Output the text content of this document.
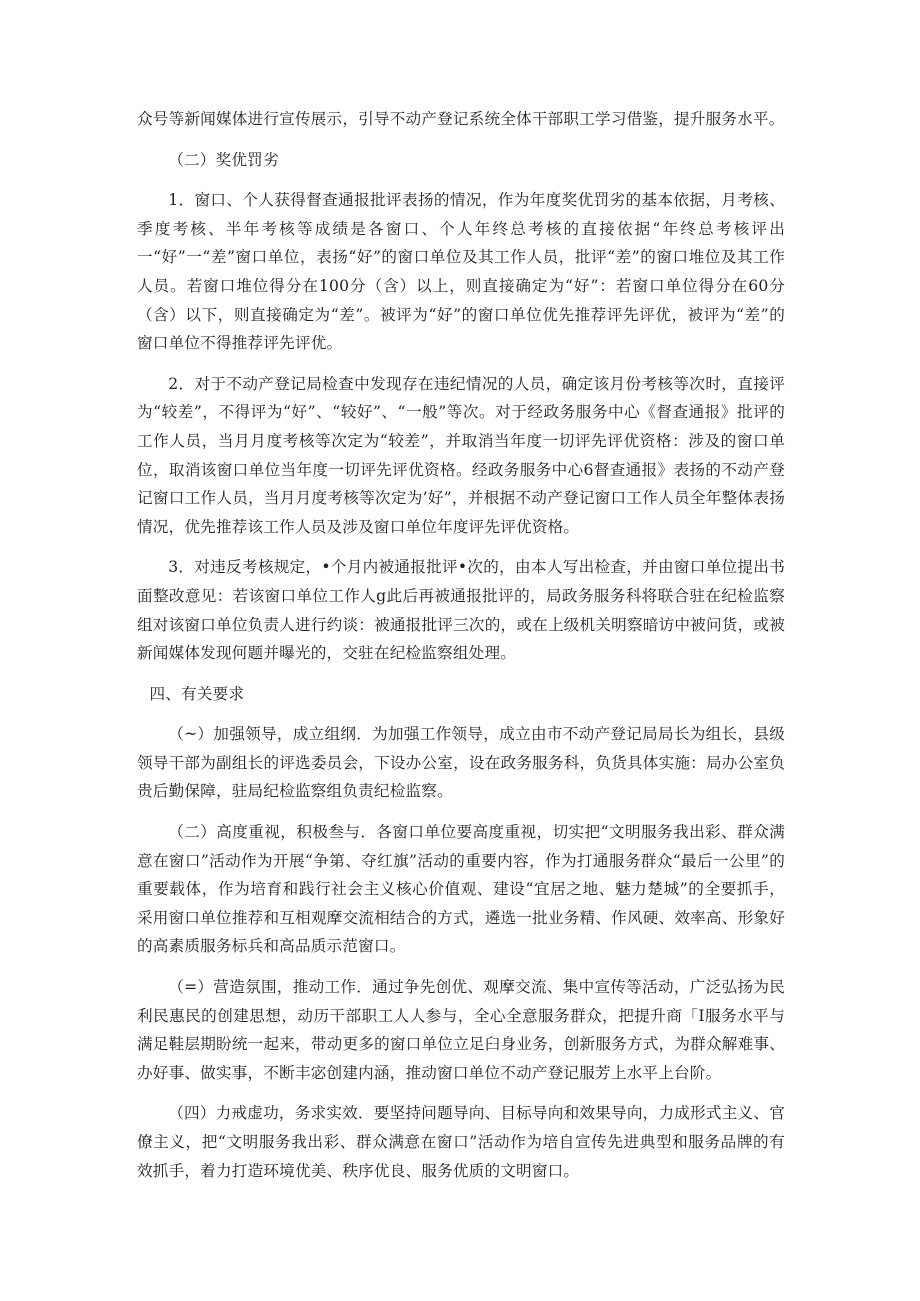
众号等新闻媒体进行宣传展示，引导不动产登记系统全体干部职工学习借鉴，提升服务水平。

（二）奖优罚劣

1．窗口、个人获得督查通报批评表扬的情况，作为年度奖优罚劣的基本依据，月考核、季度考核、半年考核等成绩是各窗口、个人年终总考核的直接依据“年终总考核评出一“好”一“差”窗口单位，表扬“好”的窗口单位及其工作人员，批评“差”的窗口堆位及其工作人员。若窗口堆位得分在100分（含）以上，则直接确定为“好”：若窗口单位得分在60分（含）以下，则直接确定为“差”。被评为“好”的窗口单位优先推荐评先评优，被评为“差”的窗口单位不得推荐评先评优。

2．对于不动产登记局检查中发现存在违纪情况的人员，确定该月份考核等次时，直接评为“较差”，不得评为“好”、“较好”、“一般”等次。对于经政务服务中心《督查通报》批评的工作人员，当月月度考核等次定为“较差”，并取消当年度一切评先评优资格：涉及的窗口单位，取消该窗口单位当年度一切评先评优资格。经政务服务中心6督查通报》表扬的不动产登记窗口工作人员，当月月度考核等次定为’好”，并根据不动产登记窗口工作人员全年整体表扬情况，优先推荐该工作人员及涉及窗口单位年度评先评优资格。

3．对违反考核规定，•个月内被通报批评•次的，由本人写出检查，并由窗口单位提出书面整改意见：若该窗口单位工作人g此后再被通报批评的，局政务服务科将联合驻在纪检监察组对该窗口单位负责人进行约谈：被通报批评三次的，或在上级机关明察暗访中被问货，或被新闻媒体发现何题并曝光的，交驻在纪检监察组处理。

四、有关要求

（~）加强领导，成立组纲．为加强工作领导，成立由市不动产登记局局长为组长，县级领导干部为副组长的评选委员会，下设办公室，设在政务服务科，负货具体实施：局办公室负贵后勤保障，驻局纪检监察组负责纪检监察。

（二）高度重视，积极叁与．各窗口单位要高度重视，切实把“文明服务我出彩、群众满意在窗口”活动作为开展“争第、夺红旗”活动的重要内容，作为打通服务群众“最后一公里”的重要载体，作为培育和践行社会主义核心价值观、建设“宜居之地、魅力楚城”的全要抓手，采用窗口单位推荐和互相观摩交流相结合的方式，遴选一批业务精、作风硬、效率高、形象好的高素质服务标兵和高品质示范窗口。

（=）营造氛围，推动工作．通过争先创优、观摩交流、集中宣传等活动，广泛弘扬为民利民惠民的创建思想，动历干部职工人人参与，全心全意服务群众，把提升商「I服务水平与满足鞋层期盼统一起来，带动更多的窗口单位立足臼身业务，创新服务方式，为群众解难事、办好事、做实事，不断丰宓创建内涵，推动窗口单位不动产登记服芳上水平上台阶。

（四）力戒虚功，务求实效．要坚持问题导向、目标导向和效果导向，力成形式主义、官僚主义，把“文明服务我出彩、群众满意在窗口”活动作为培自宣传先进典型和服务品牌的有效抓手，着力打造环境优美、秩序优良、服务优质的文明窗口。
